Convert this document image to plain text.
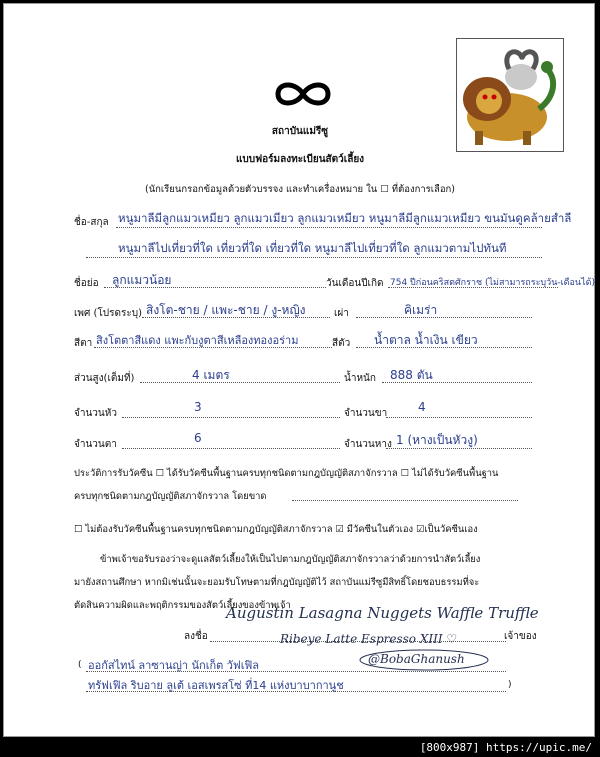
สถาบันแม่รีซู
แบบฟอร์มลงทะเบียนสัตว์เลี้ยง
(นักเรียนกรอกข้อมูลด้วยตัวบรรจง และทำเครื่องหมาย ใน ☐ ที่ต้องการเลือก)
ชื่อ-สกุล หนูมาลีมีลูกแมวเหมียว ลูกแมวเมียว ลูกแมวเหมียว หนูมาลีมีลูกแมวเหมียว ขนมันดูคล้ายสำลี
หนูมาลีไปเที่ยวที่ใด เที่ยวที่ใด เที่ยวที่ใด หนูมาลีไปเที่ยวที่ใด ลูกแมวตามไปทันที
ชื่อย่อ ลูกแมวน้อย	วันเดือนปีเกิด 754 ปีก่อนคริสตศักราช (ไม่สามารถระบุวัน-เดือนได้)
เพศ (โปรดระบุ) สิงโต-ชาย / แพะ-ชาย / งู-หญิง	เผ่า	คิเมร่า
สีตา สิงโตตาสีแดง แพะกับงูตาสีเหลืองทองอร่าม	สีตัว น้ำตาล น้ำเงิน เขียว
ส่วนสูง(เต็มที่)	4 เมตร	น้ำหนัก 888 ตัน
จำนวนหัว	3	จำนวนขา	4
จำนวนตา	6	จำนวนหาง 1 (หางเป็นหัวงู)
ประวัติการรับวัคซีน ☐ ได้รับวัคซีนพื้นฐานครบทุกชนิดตามกฎบัญญัติสภาจักรวาล ☐ ไม่ได้รับวัคซีนพื้นฐาน
ครบทุกชนิดตามกฎบัญญัติสภาจักรวาล โดยขาด
☐ ไม่ต้องรับวัคซีนพื้นฐานครบทุกชนิดตามกฎบัญญัติสภาจักรวาล ☑ มีวัคซีนในตัวเอง ☑เป็นวัคซีนเอง
ข้าพเจ้าขอรับรองว่าจะดูแลสัตว์เลี้ยงให้เป็นไปตามกฎบัญญัติสภาจักรวาลว่าด้วยการนำสัตว์เลี้ยง
มายังสถานศึกษา หากมิเช่นนั้นจะยอมรับโทษตามที่กฎบัญญัติไว้ สถาบันแม่รีซูมีสิทธิ์โดยชอบธรรมที่จะ
ตัดสินความผิดและพฤติกรรมของสัตว์เลี้ยงของข้าพเจ้า
ลงชื่อ
Augustin Lasagna Nuggets Waffle Truffle
Ribeye Latte Espresso XIII ♡	เจ้าของ
@BobaGhanush
( ออกัสไทน์ ลาซานญ่า นักเก็ต วัฟเฟิล
ทรัฟเฟิล ริบอาย ลูเต้ เอสเพรสโซ่ ที่14 แห่งบาบากานูช	)
[800x987] https://upic.me/
